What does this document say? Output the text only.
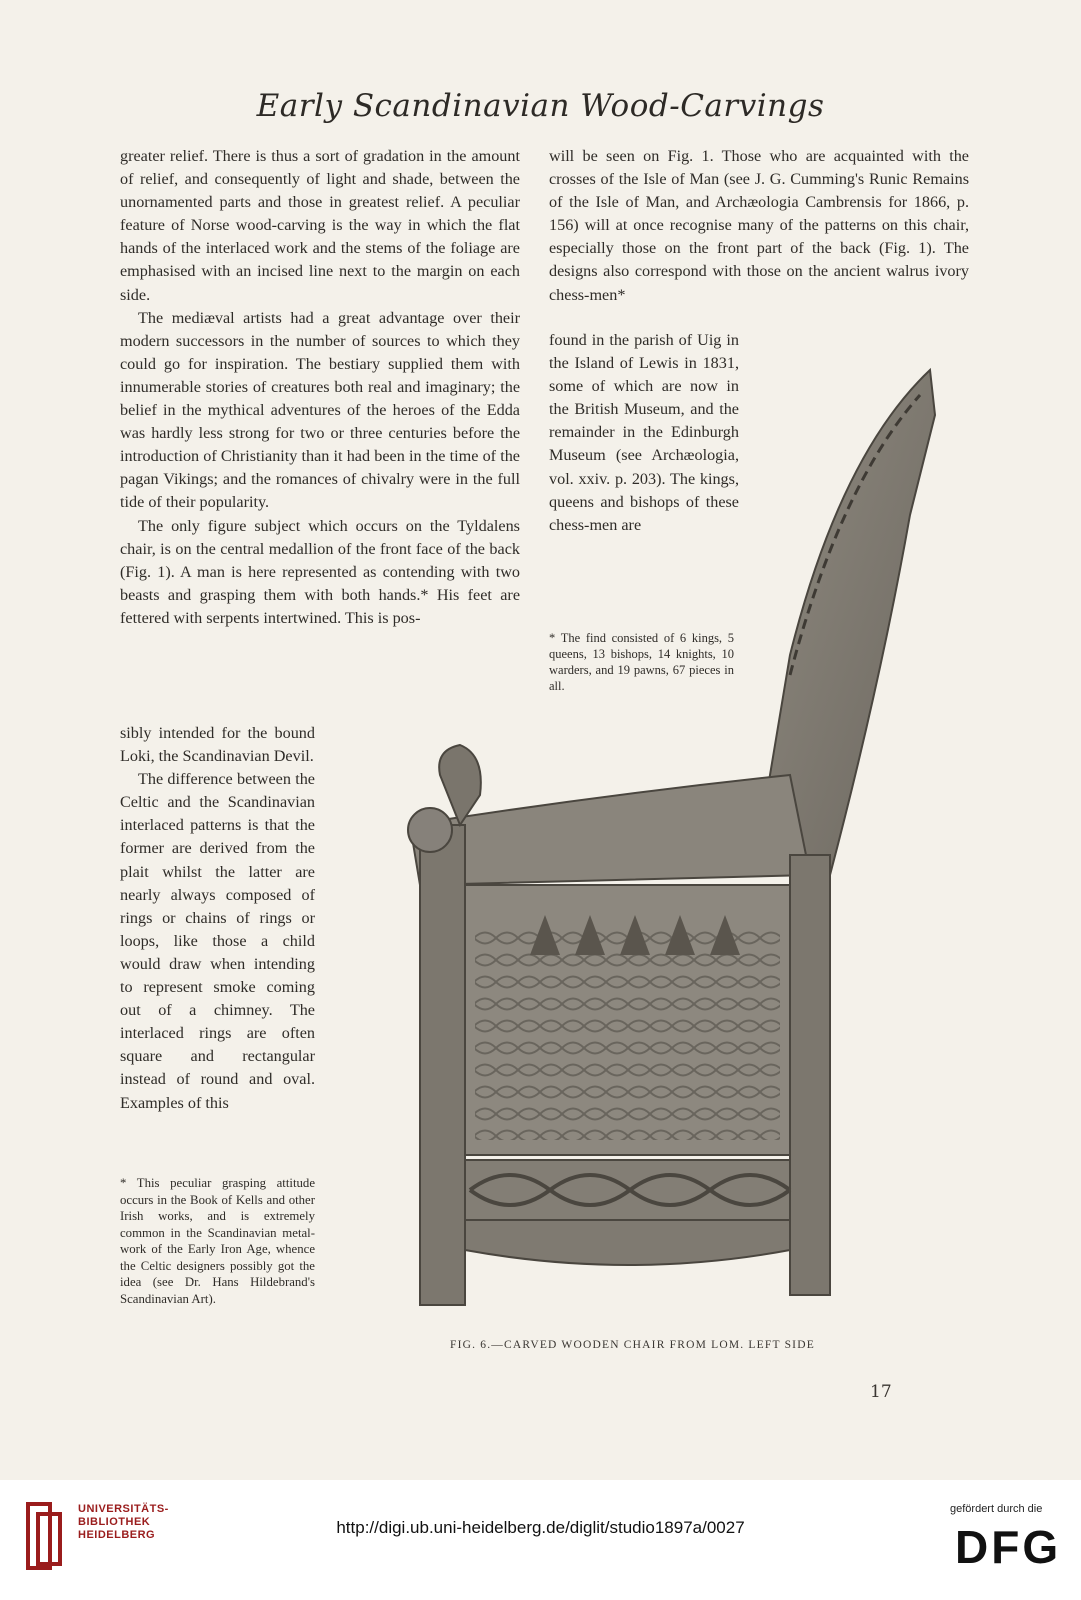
Early Scandinavian Wood-Carvings

greater relief. There is thus a sort of gradation in the amount of relief, and consequently of light and shade, between the unornamented parts and those in greatest relief. A peculiar feature of Norse wood-carving is the way in which the flat hands of the interlaced work and the stems of the foliage are emphasised with an incised line next to the margin on each side.

The mediæval artists had a great advantage over their modern successors in the number of sources to which they could go for inspiration. The bestiary supplied them with innumerable stories of creatures both real and imaginary; the belief in the mythical adventures of the heroes of the Edda was hardly less strong for two or three centuries before the introduction of Christianity than it had been in the time of the pagan Vikings; and the romances of chivalry were in the full tide of their popularity.

The only figure subject which occurs on the Tyldalens chair, is on the central medallion of the front face of the back (Fig. 1). A man is here represented as contending with two beasts and grasping them with both hands.* His feet are fettered with serpents intertwined. This is pos-

sibly intended for the bound Loki, the Scandinavian Devil.

The difference between the Celtic and the Scandinavian interlaced patterns is that the former are derived from the plait whilst the latter are nearly always composed of rings or chains of rings or loops, like those a child would draw when intending to represent smoke coming out of a chimney. The interlaced rings are often square and rectangular instead of round and oval. Examples of this

* This peculiar grasping attitude occurs in the Book of Kells and other Irish works, and is extremely common in the Scandinavian metal-work of the Early Iron Age, whence the Celtic designers possibly got the idea (see Dr. Hans Hildebrand's Scandinavian Art).

will be seen on Fig. 1. Those who are acquainted with the crosses of the Isle of Man (see J. G. Cumming's Runic Remains of the Isle of Man, and Archæologia Cambrensis for 1866, p. 156) will at once recognise many of the patterns on this chair, especially those on the front part of the back (Fig. 1). The designs also correspond with those on the ancient walrus ivory chess-men*

found in the parish of Uig in the Island of Lewis in 1831, some of which are now in the British Museum, and the remainder in the Edinburgh Museum (see Archæologia, vol. xxiv. p. 203). The kings, queens and bishops of these chess-men are

* The find consisted of 6 kings, 5 queens, 13 bishops, 14 knights, 10 warders, and 19 pawns, 67 pieces in all.
FIG. 6.—CARVED WOODEN CHAIR FROM LOM. LEFT SIDE
17
UNIVERSITÄTS-
BIBLIOTHEK
HEIDELBERG	http://digi.ub.uni-heidelberg.de/diglit/studio1897a/0027
gefördert durch die
DFG
